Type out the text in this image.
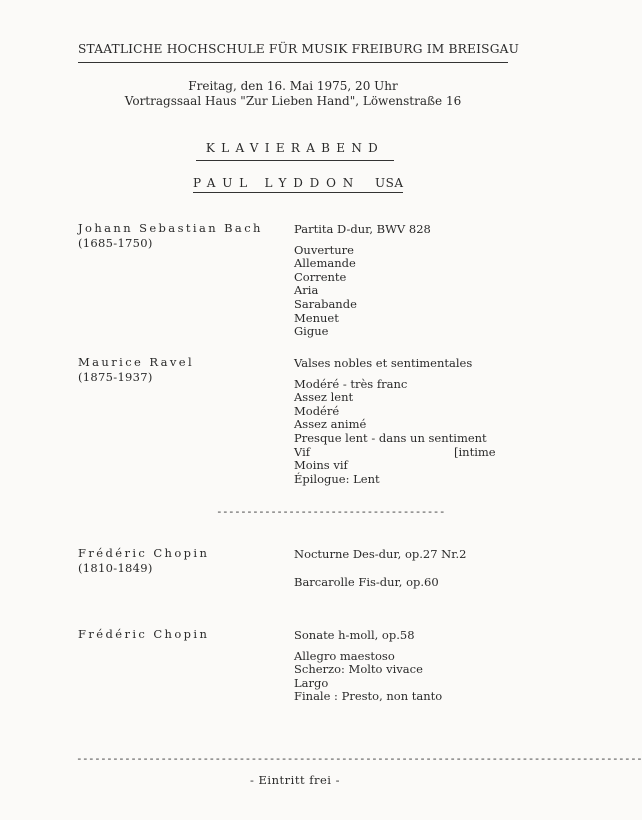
STAATLICHE HOCHSCHULE FÜR MUSIK FREIBURG IM BREISGAU
Freitag, den 16. Mai 1975, 20 Uhr
Vortragssaal Haus "Zur Lieben Hand", Löwenstraße 16
KLAVIERABEND
PAUL LYDDON USA
Johann Sebastian Bach
(1685-1750)
Partita D-dur, BWV 828
Ouverture
Allemande
Corrente
Aria
Sarabande
Menuet
Gigue
Maurice Ravel
(1875-1937)
Valses nobles et sentimentales
Modéré - très franc
Assez lent
Modéré
Assez animé
Presque lent - dans un sentiment
Vif	[intime
Moins vif
Épilogue: Lent
--------------------------------------
Frédéric Chopin
(1810-1849)
Nocturne Des-dur, op.27 Nr.2
Barcarolle Fis-dur, op.60
Frédéric Chopin	Sonate h-moll, op.58
Allegro maestoso
Scherzo: Molto vivace
Largo
Finale : Presto, non tanto
----------------------------------------------------------------------------------------------
- Eintritt frei -
